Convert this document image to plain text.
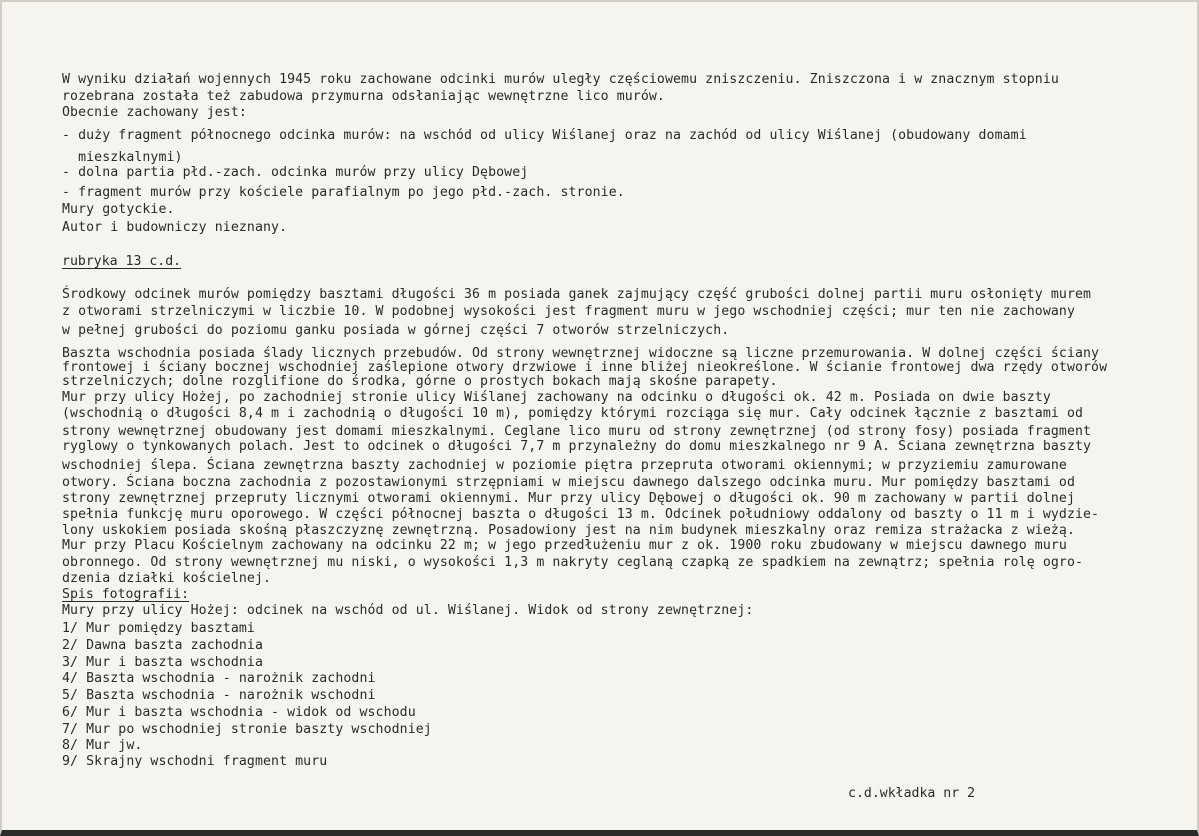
W wyniku działań wojennych 1945 roku zachowane odcinki murów uległy częściowemu zniszczeniu. Zniszczona i w znacznym stopniu
rozebrana została też zabudowa przymurna odsłaniając wewnętrzne lico murów.
Obecnie zachowany jest:
- duży fragment północnego odcinka murów: na wschód od ulicy Wiślanej oraz na zachód od ulicy Wiślanej (obudowany domami
mieszkalnymi)
- dolna partia płd.-zach. odcinka murów przy ulicy Dębowej
- fragment murów przy kościele parafialnym po jego płd.-zach. stronie.
Mury gotyckie.
Autor i budowniczy nieznany.
rubryka 13 c.d.
Środkowy odcinek murów pomiędzy basztami długości 36 m posiada ganek zajmujący część grubości dolnej partii muru osłonięty murem
z otworami strzelniczymi w liczbie 10. W podobnej wysokości jest fragment muru w jego wschodniej części; mur ten nie zachowany
w pełnej grubości do poziomu ganku posiada w górnej części 7 otworów strzelniczych.
Baszta wschodnia posiada ślady licznych przebudów. Od strony wewnętrznej widoczne są liczne przemurowania. W dolnej części ściany
frontowej i ściany bocznej wschodniej zaślepione otwory drzwiowe i inne bliżej nieokreślone. W ścianie frontowej dwa rzędy otworów
strzelniczych; dolne rozglifione do środka, górne o prostych bokach mają skośne parapety.
Mur przy ulicy Hożej, po zachodniej stronie ulicy Wiślanej zachowany na odcinku o długości ok. 42 m. Posiada on dwie baszty
(wschodnią o długości 8,4 m i zachodnią o długości 10 m), pomiędzy którymi rozciąga się mur. Cały odcinek łącznie z basztami od
strony wewnętrznej obudowany jest domami mieszkalnymi. Ceglane lico muru od strony zewnętrznej (od strony fosy) posiada fragment
ryglowy o tynkowanych polach. Jest to odcinek o długości 7,7 m przynależny do domu mieszkalnego nr 9 A. Ściana zewnętrzna baszty
wschodniej ślepa. Ściana zewnętrzna baszty zachodniej w poziomie piętra przepruta otworami okiennymi; w przyziemiu zamurowane
otwory. Ściana boczna zachodnia z pozostawionymi strzępniami w miejscu dawnego dalszego odcinka muru. Mur pomiędzy basztami od
strony zewnętrznej przepruty licznymi otworami okiennymi. Mur przy ulicy Dębowej o długości ok. 90 m zachowany w partii dolnej
spełnia funkcję muru oporowego. W części północnej baszta o długości 13 m. Odcinek południowy oddalony od baszty o 11 m i wydzie-
lony uskokiem posiada skośną płaszczyznę zewnętrzną. Posadowiony jest na nim budynek mieszkalny oraz remiza strażacka z wieżą.
Mur przy Placu Kościelnym zachowany na odcinku 22 m; w jego przedłużeniu mur z ok. 1900 roku zbudowany w miejscu dawnego muru
obronnego. Od strony wewnętrznej mu niski, o wysokości 1,3 m nakryty ceglaną czapką ze spadkiem na zewnątrz; spełnia rolę ogro-
dzenia działki kościelnej.
Spis fotografii:
Mury przy ulicy Hożej: odcinek na wschód od ul. Wiślanej. Widok od strony zewnętrznej:
1/ Mur pomiędzy basztami
2/ Dawna baszta zachodnia
3/ Mur i baszta wschodnia
4/ Baszta wschodnia - narożnik zachodni
5/ Baszta wschodnia - narożnik wschodni
6/ Mur i baszta wschodnia - widok od wschodu
7/ Mur po wschodniej stronie baszty wschodniej
8/ Mur jw.
9/ Skrajny wschodni fragment muru
c.d.wkładka nr 2
